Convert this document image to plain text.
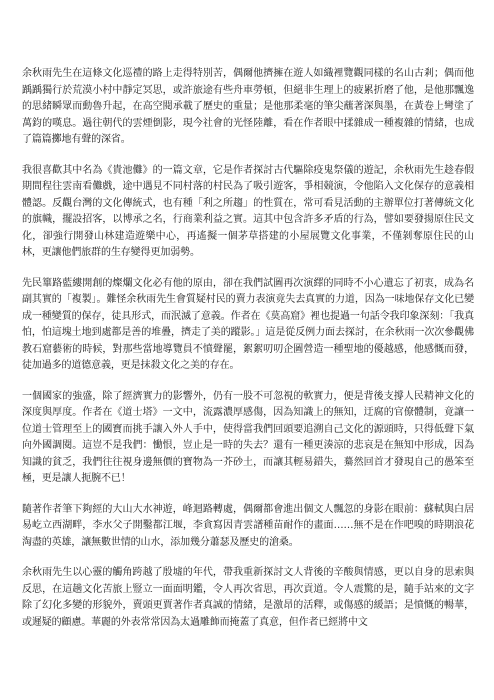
余秋雨先生在這條文化巡禮的路上走得特別苦，偶爾他擠擁在遊人如織裡覽觀同樣的名山古剎；偶而他踽踽獨行於荒漠小村中靜定冥思，或許旅途有些舟車勞頓，但絕非生理上的疲累折磨了他，是他那飄逸的思緒瞬眾而動魯升起，在高空閱承載了歷史的重量；是他那柔毫的筆尖蘸著深與墨，在黃卷上彎塗了萬鈞的嘆息。過往朝代的雲煙倒影，現今社會的光怪陸離，看在作者眼中揉雜成一種複雜的情緒，也成了篇篇擲地有聲的深省。

我很喜歡其中名為《貴池儺》的一篇文章，它是作者探討古代驅除疫鬼祭儀的遊記，余秋雨先生趁春假期間程往雲南看儺戲，途中遇見不同村落的村民為了吸引遊客，爭相競演，令他陷入文化保存的意義相體認。反觀台灣的文化傳統式，也有種「利之所趨」的性質在，常可看見活動的主辦單位打著傳統文化的旗幟，擺設招客，以博承之名，行商業利益之實。這其中包含許多矛盾的行為，譬如要發揚原住民文化，卻強行開發山林建造遊樂中心，再遙擬一個茅草搭建的小屋展覽文化事業，不僅剝奪原住民的山林，更讓他們旅群的生存變得更加弱勢。

先民篳路藍縷開創的燦爛文化必有他的原由，卻在我們試圖再次演繹的同時不小心遺忘了初衷，成為名副其實的「複製」。難怪余秋雨先生會質疑村民的賣力表演竟失去真實的力道，因為一味地保存文化已變成一種變質的保存，徒具形式，而泯滅了意義。作者在《莫高窟》裡也提過一句話令我印象深刻：「我真怕，怕這塊土地到處都是善的堆疊，擠走了美的蹤影。」這是從反例力面去探討，在余秋雨一次次參觀佛教石窟藝術的時候，對那些當地導覽員不憤聲罷，絮絮叨叨企圖營造一種聖地的優越感，他感慨而發，徒加過多的道德意義，更是抹殺文化之美的存在。

一個國家的強盛，除了經濟實力的影響外，仍有一股不可忽視的軟實力，便是背後支撐人民精神文化的深度與厚度。作者在《道士塔》一文中，流露濃厚感傷，因為知識上的無知，迂腐的官僚體制，竟讓一位道士管理至上的國寶而挑手讓入外人手中，使得當我們回頭要追溯自己文化的源頭時，只得低聲下氣向外國調閱。這豈不是我們：慟恨，豈止是一時的失去？還有一種更湊涼的悲哀是在無知中形成，因為知識的貧乏，我們往往視身邊無價的寶物為一芥砂土，而讓其輕易錯失，驀然回首才發現自己的愚笨至極，更是讓人扼腕不已！

隨著作者筆下夠經的大山大水神遊，峰迴路轉處，偶爾都會進出個文人飄忽的身影在眼前：蘇軾與白居易屹立西湖畔，李水父子開鑿都江堰，李貪寫因青雲譜種苗耐作的畫面……無不是在作吧嗅的時期浪花淘盡的英雄，讓無數世情的山水，添加幾分蕭瑟及歷史的滄桑。

余秋雨先生以心靈的觸角跨越了殷墟的年代，帶我重新探討文人背後的辛酸與情感，更以自身的思索與反思，在這趟文化苦旅上豎立一面面明鑑，令人再次省思，再次貢道。令人震驚的是，隨手站來的文字除了幻化多變的形貌外，賣頭更賈著作者真誠的情緒，是激昂的活釋，或傷感的緩語；是憤慨的暢華，或遲疑的顧慮。華麗的外表常常因為太過雕飾而掩蓋了真意，但作者已經將中文
